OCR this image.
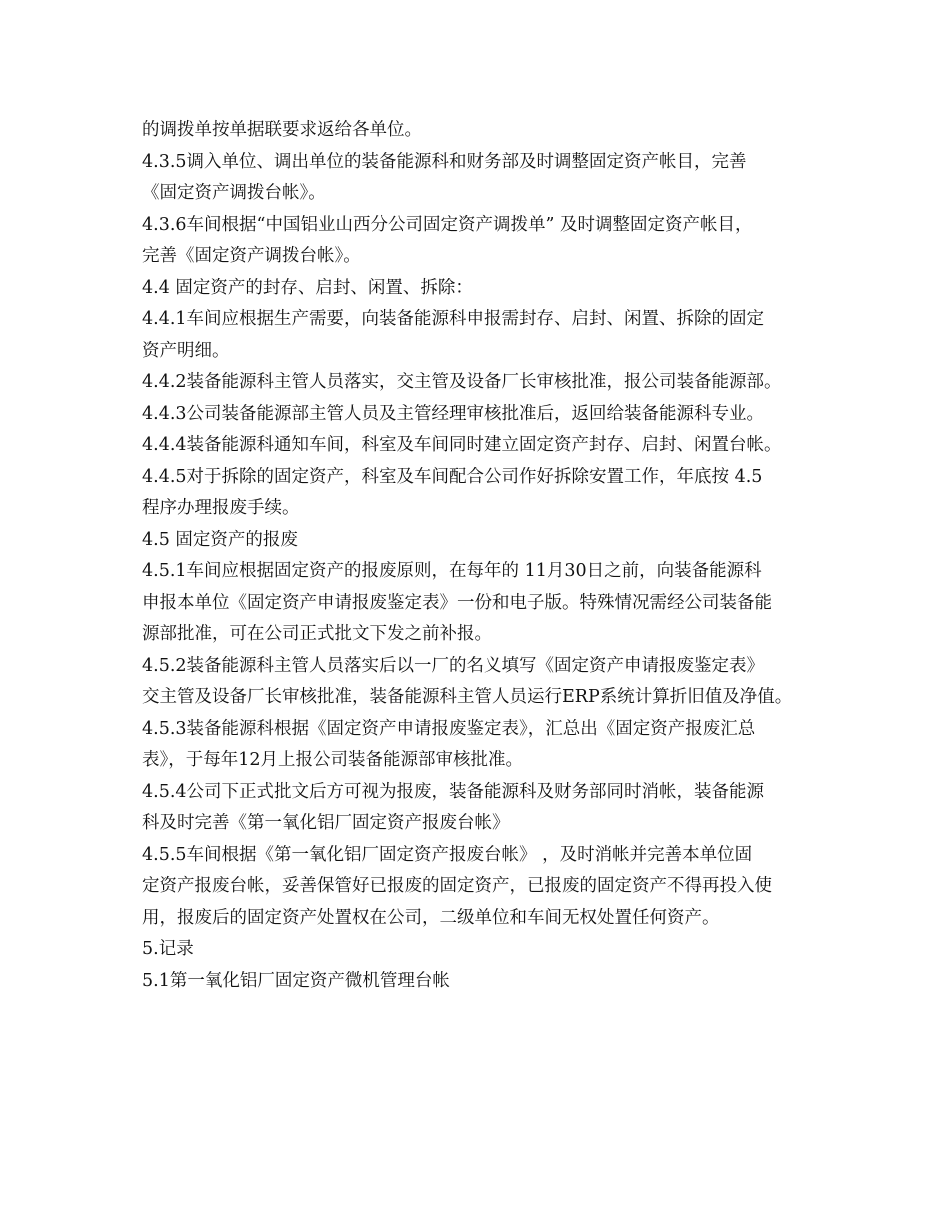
的调拨单按单据联要求返给各单位。
4.3.5调入单位、调出单位的装备能源科和财务部及时调整固定资产帐目，完善
《固定资产调拨台帐》。
4.3.6车间根据“中国铝业山西分公司固定资产调拨单” 及时调整固定资产帐目，
完善《固定资产调拨台帐》。
4.4 固定资产的封存、启封、闲置、拆除：
4.4.1车间应根据生产需要，向装备能源科申报需封存、启封、闲置、拆除的固定
资产明细。
4.4.2装备能源科主管人员落实，交主管及设备厂长审核批准，报公司装备能源部。
4.4.3公司装备能源部主管人员及主管经理审核批准后，返回给装备能源科专业。
4.4.4装备能源科通知车间，科室及车间同时建立固定资产封存、启封、闲置台帐。
4.4.5对于拆除的固定资产，科室及车间配合公司作好拆除安置工作，年底按 4.5
程序办理报废手续。
4.5 固定资产的报废
4.5.1车间应根据固定资产的报废原则，在每年的 11月30日之前，向装备能源科
申报本单位《固定资产申请报废鉴定表》一份和电子版。特殊情况需经公司装备能
源部批准，可在公司正式批文下发之前补报。
4.5.2装备能源科主管人员落实后以一厂的名义填写《固定资产申请报废鉴定表》
交主管及设备厂长审核批准，装备能源科主管人员运行ERP系统计算折旧值及净值。
4.5.3装备能源科根据《固定资产申请报废鉴定表》，汇总出《固定资产报废汇总
表》，于每年12月上报公司装备能源部审核批准。
4.5.4公司下正式批文后方可视为报废，装备能源科及财务部同时消帐，装备能源
科及时完善《第一氧化铝厂固定资产报废台帐》
4.5.5车间根据《第一氧化铝厂固定资产报废台帐》 ，及时消帐并完善本单位固
定资产报废台帐，妥善保管好已报废的固定资产，已报废的固定资产不得再投入使
用，报废后的固定资产处置权在公司，二级单位和车间无权处置任何资产。
5.记录
5.1第一氧化铝厂固定资产微机管理台帐
